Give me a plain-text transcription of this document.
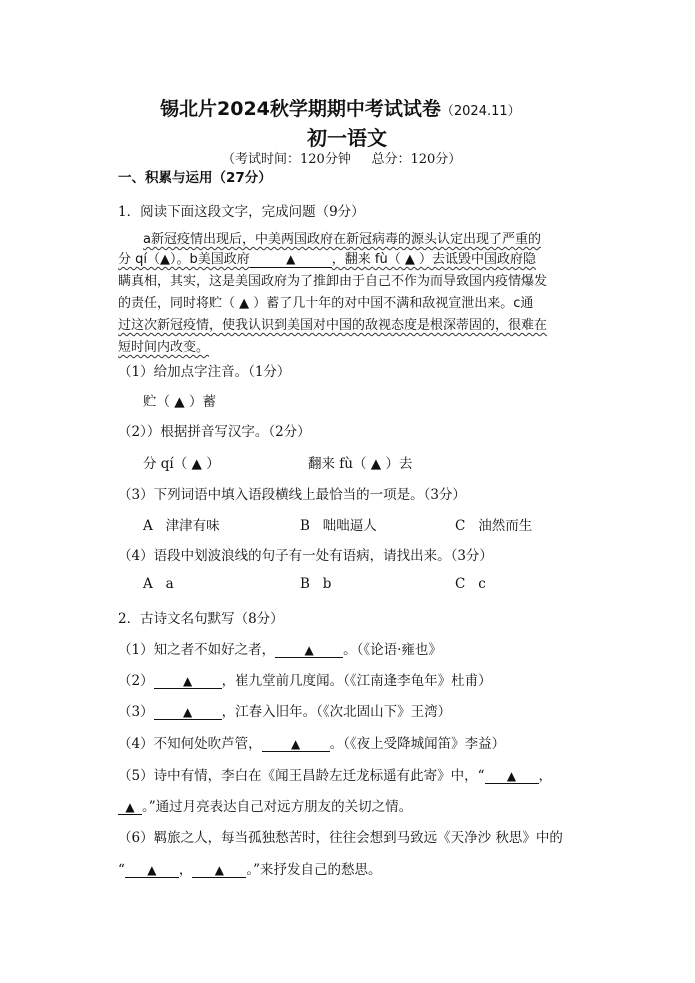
锡北片2024秋学期期中考试试卷（2024.11）
初一语文
（考试时间：120分钟     总分：120分）
一、积累与运用（27分）
1．阅读下面这段文字，完成问题（9分）
a新冠疫情出现后，中美两国政府在新冠病毒的源头认定出现了严重的
分 qí（▲）。b美国政府	▲	，翻来 fù（ ▲ ）去诋毁中国政府隐
瞒真相，其实，这是美国政府为了推卸由于自己不作为而导致国内疫情爆发
的责任，同时将贮（ ▲ ）蓄了几十年的对中国不满和敌视宣泄出来。c通
过这次新冠疫情，使我认识到美国对中国的敌视态度是根深蒂固的，很难在
短时间内改变。
（1）给加点字注音。（1分）
贮（ ▲ ）蓄
（2））根据拼音写汉字。（2分）
分 qí（ ▲ ）	翻来 fù（ ▲ ）去
（3）下列词语中填入语段横线上最恰当的一项是。（3分）
A   津津有味	B   咄咄逼人	C   油然而生
（4）语段中划波浪线的句子有一处有语病，请找出来。（3分）
A   a	B   b	C   c
2．古诗文名句默写（8分）
（1）知之者不如好之者， ▲ 。（《论语·雍也》
（2） ▲ ，崔九堂前几度闻。（《江南逢李龟年》杜甫）
（3） ▲ ，江春入旧年。（《次北固山下》王湾）
（4）不知何处吹芦管， ▲ 。（《夜上受降城闻笛》李益）
（5）诗中有情，李白在《闻王昌龄左迁龙标遥有此寄》中，“ ▲ ，
▲ 。”通过月亮表达自己对远方朋友的关切之情。
（6）羁旅之人，每当孤独愁苦时，往往会想到马致远《天净沙 秋思》中的
“ ▲ ， ▲ 。”来抒发自己的愁思。
